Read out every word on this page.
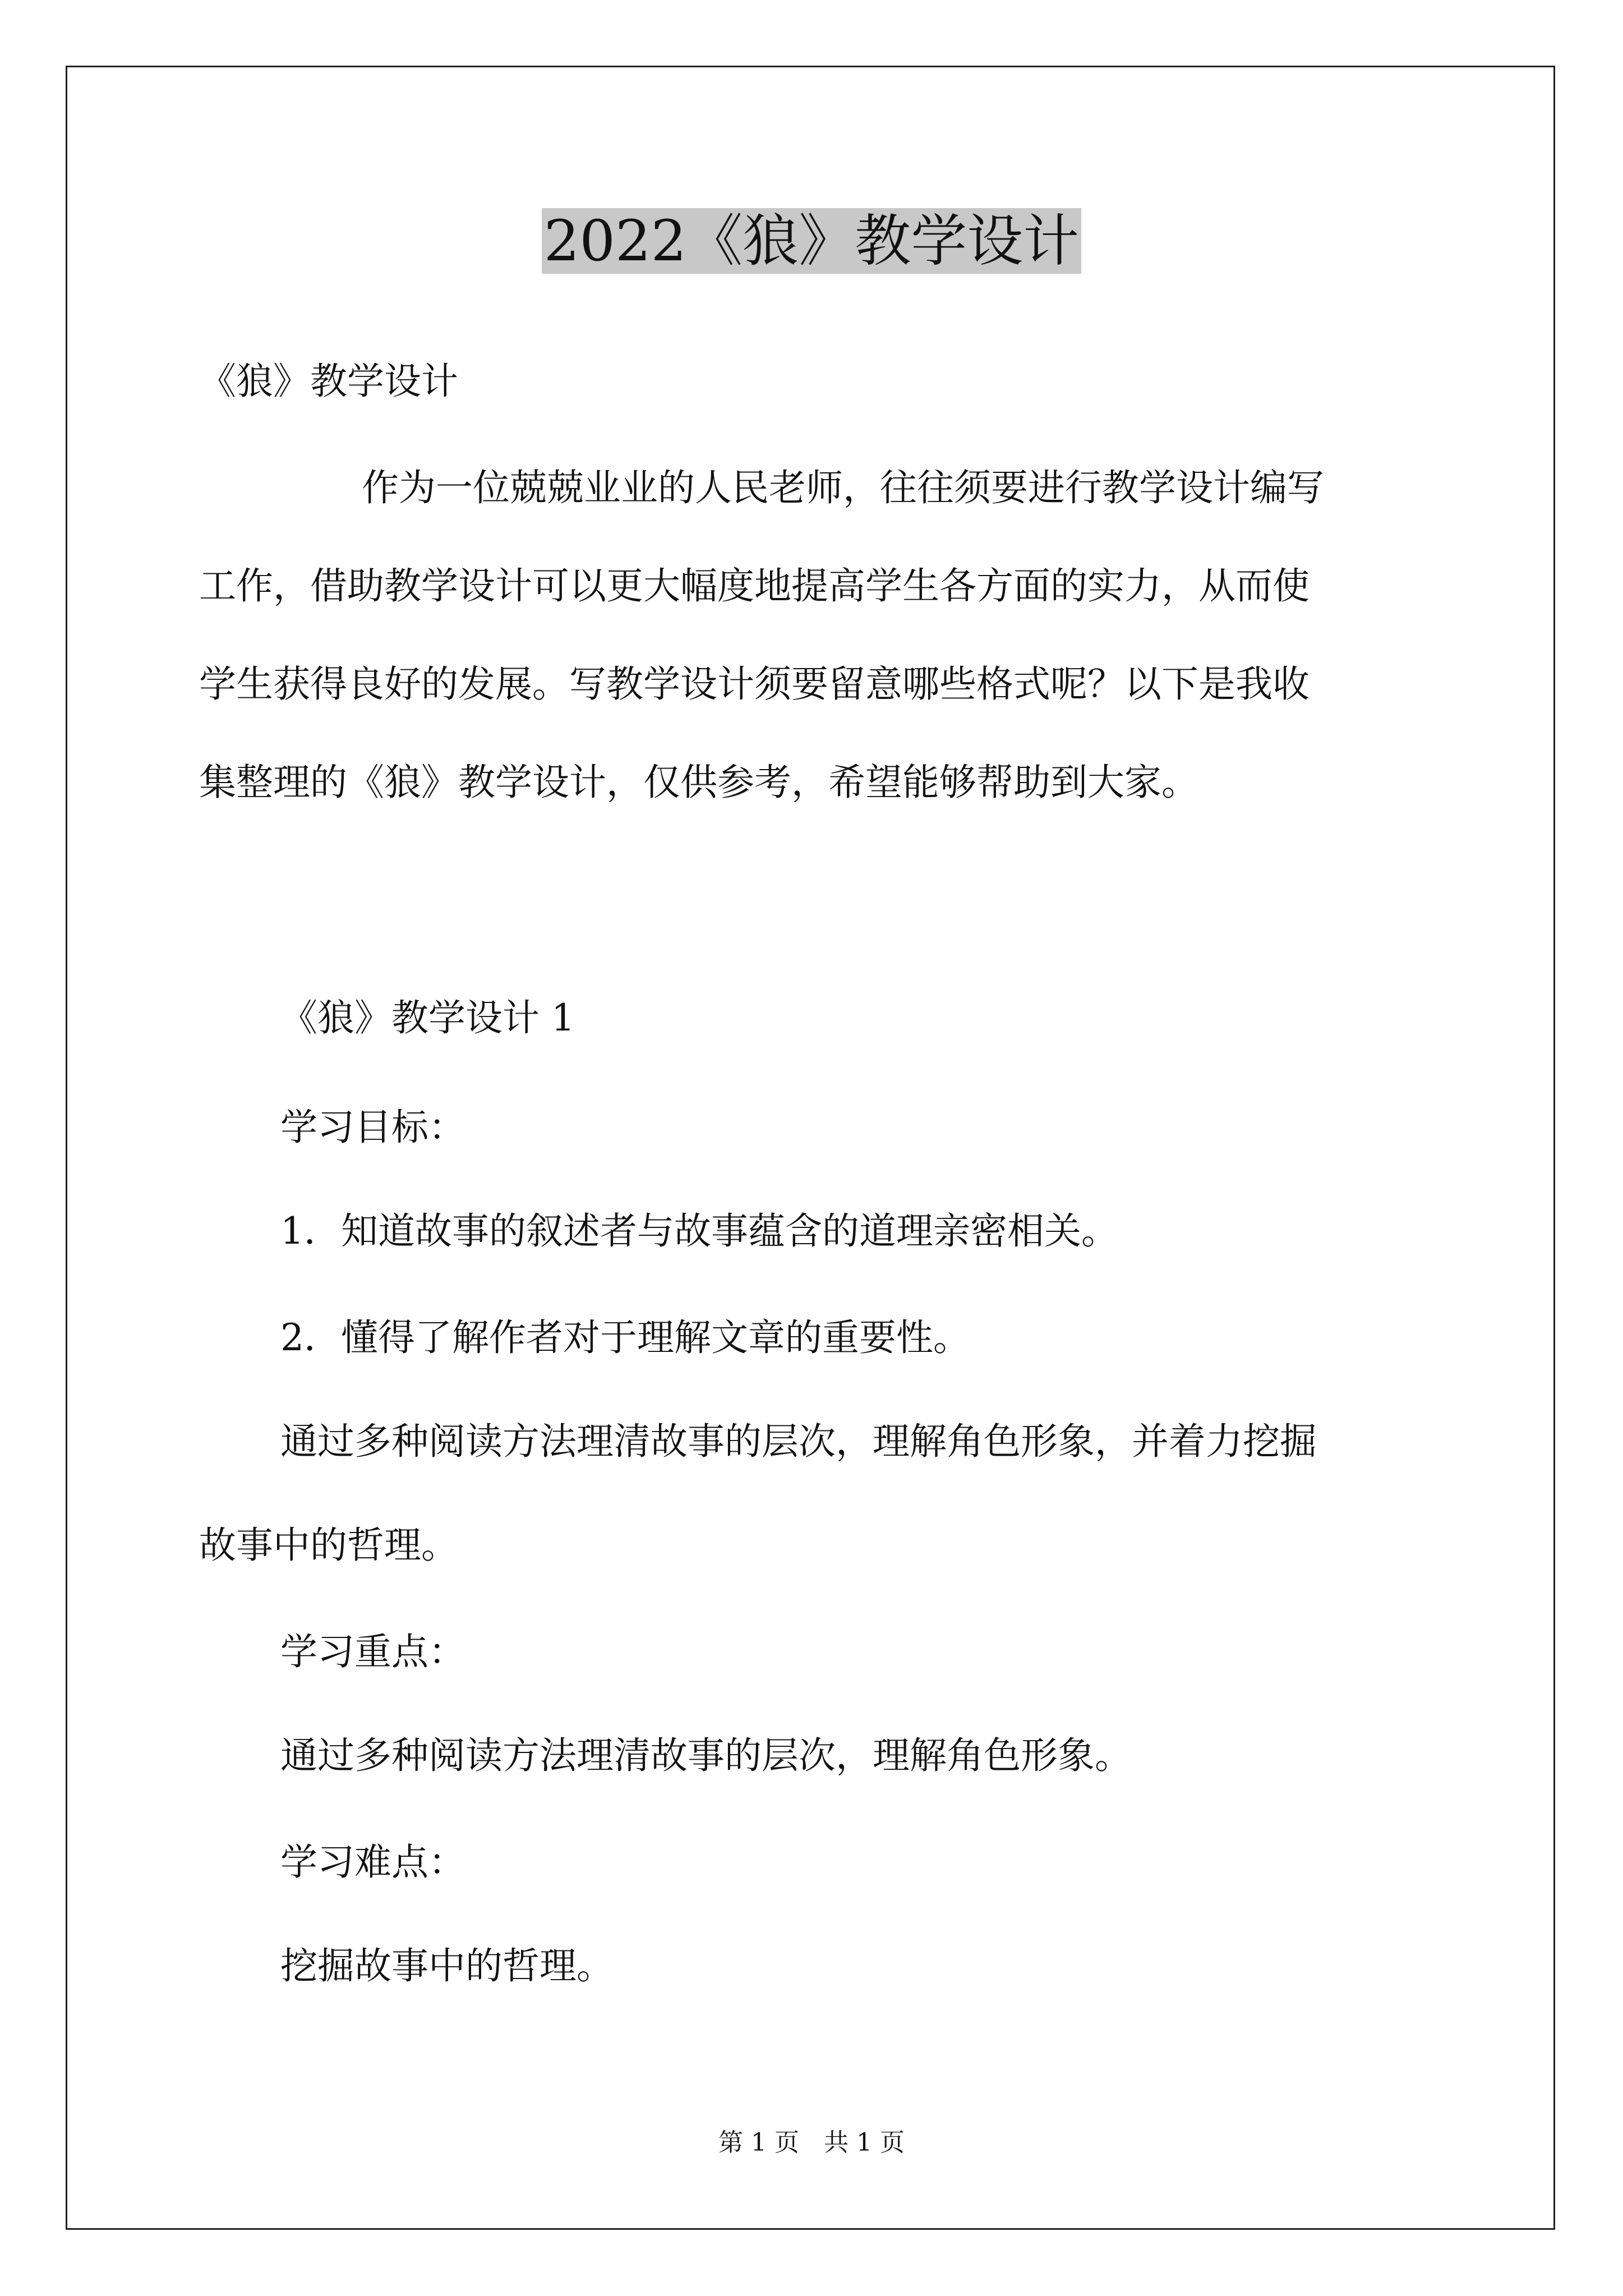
2022《狼》教学设计
《狼》教学设计
作为一位兢兢业业的人民老师，往往须要进行教学设计编写
工作，借助教学设计可以更大幅度地提高学生各方面的实力，从而使
学生获得良好的发展。写教学设计须要留意哪些格式呢？以下是我收
集整理的《狼》教学设计，仅供参考，希望能够帮助到大家。
《狼》教学设计 1
学习目标：
1．知道故事的叙述者与故事蕴含的道理亲密相关。
2．懂得了解作者对于理解文章的重要性。
通过多种阅读方法理清故事的层次，理解角色形象，并着力挖掘
故事中的哲理。
学习重点：
通过多种阅读方法理清故事的层次，理解角色形象。
学习难点：
挖掘故事中的哲理。
第 1 页　共 1 页
